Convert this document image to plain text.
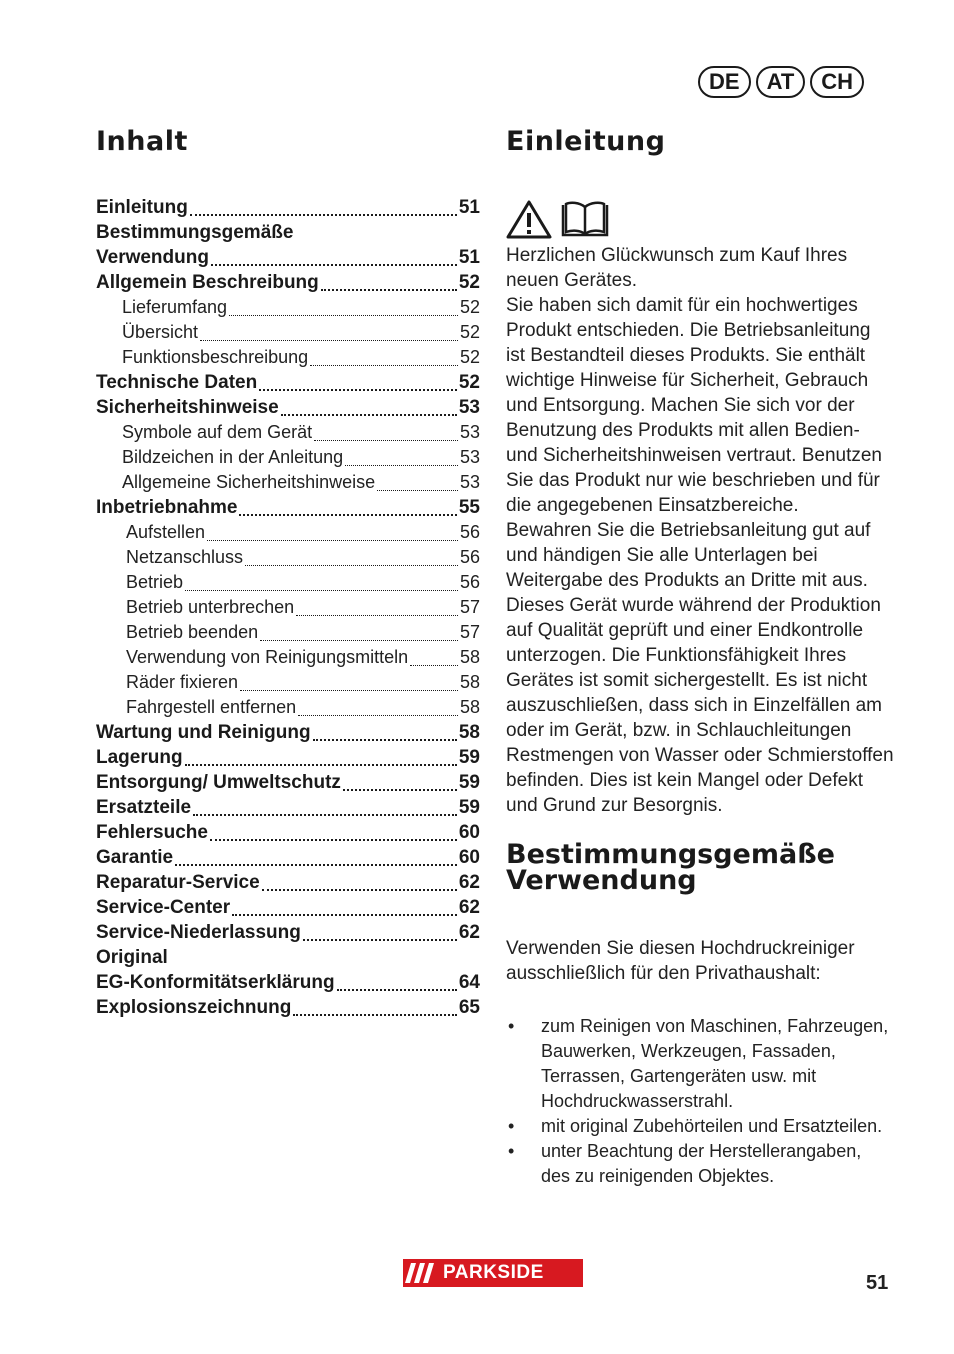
DE	AT	CH
Inhalt
Einleitung	51
Bestimmungsgemäße
Verwendung	51
Allgemein Beschreibung	52
Lieferumfang	52
Übersicht	52
Funktionsbeschreibung	52
Technische Daten	52
Sicherheitshinweise	53
Symbole auf dem Gerät	53
Bildzeichen in der Anleitung	53
Allgemeine Sicherheitshinweise	53
Inbetriebnahme	55
Aufstellen	56
Netzanschluss	56
Betrieb	56
Betrieb unterbrechen	57
Betrieb beenden	57
Verwendung von Reinigungsmitteln	58
Räder fixieren	58
Fahrgestell entfernen	58
Wartung und Reinigung	58
Lagerung	59
Entsorgung/ Umweltschutz	59
Ersatzteile	59
Fehlersuche	60
Garantie	60
Reparatur-Service	62
Service-Center	62
Service-Niederlassung	62
Original
EG-Konformitätserklärung	64
Explosionszeichnung	65
Einleitung

Herzlichen Glückwunsch zum Kauf Ihres neuen Gerätes.

Sie haben sich damit für ein hochwertiges Produkt entschieden. Die Betriebsanleitung ist Bestandteil dieses Produkts. Sie enthält wichtige Hinweise für Sicherheit, Gebrauch und Entsorgung. Machen Sie sich vor der Benutzung des Produkts mit allen Bedien- und Sicherheitshinweisen vertraut. Benutzen Sie das Produkt nur wie beschrieben und für die angegebenen Einsatzbereiche.

Bewahren Sie die Betriebsanleitung gut auf und händigen Sie alle Unterlagen bei Weitergabe des Produkts an Dritte mit aus. Dieses Gerät wurde während der Produktion auf Qualität geprüft und einer Endkontrolle unterzogen. Die Funktionsfähigkeit Ihres Gerätes ist somit sichergestellt. Es ist nicht auszuschließen, dass sich in Einzelfällen am oder im Gerät, bzw. in Schlauchleitungen Restmengen von Wasser oder Schmierstoffen befinden. Dies ist kein Mangel oder Defekt und Grund zur Besorgnis.

Bestimmungsgemäße
Verwendung
Verwenden Sie diesen Hochdruckreiniger ausschließlich für den Privathaushalt:
• zum Reinigen von Maschinen, Fahrzeugen, Bauwerken, Werkzeugen, Fassaden, Terrassen, Gartengeräten usw. mit Hochdruckwasserstrahl.
• mit original Zubehörteilen und Ersatzteilen.
• unter Beachtung der Herstellerangaben, des zu reinigenden Objektes.
PARKSIDE	51
